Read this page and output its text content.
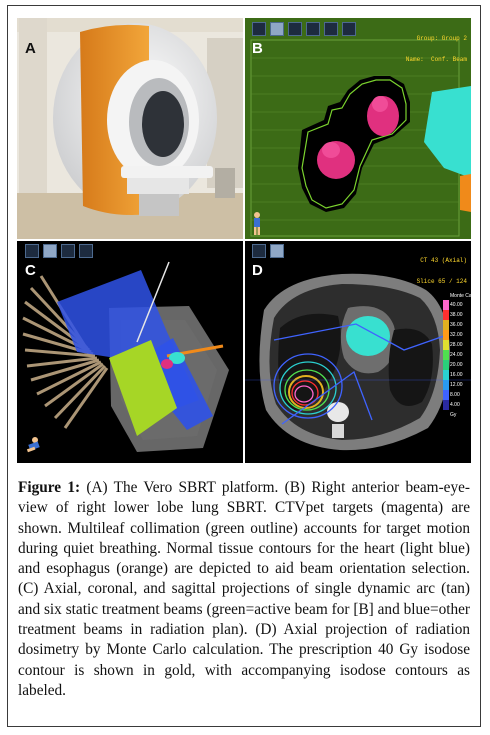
A

Group: Group 2

Name:  Conf. Beam

B
C

CT 43 (Axial)

Slice 65 / 124

Monte Carlo
40.00
38.00
36.00
32.00
28.00
24.00
20.00
16.00
12.00
8.00
4.00
Gy
D
Figure 1: (A) The Vero SBRT platform. (B) Right anterior beam-eye-view of right lower lobe lung SBRT. CTVpet targets (magenta) are shown. Multileaf collimation (green outline) accounts for target motion during quiet breathing. Normal tissue contours for the heart (light blue) and esophagus (orange) are depicted to aid beam orientation selection. (C) Axial, coronal, and sagittal projections of single dynamic arc (tan) and six static treatment beams (green=active beam for [B] and blue=other treatment beams in radiation plan). (D) Axial projection of radiation dosimetry by Monte Carlo calculation. The prescription 40 Gy isodose contour is shown in gold, with accompanying isodose contours as labeled.
